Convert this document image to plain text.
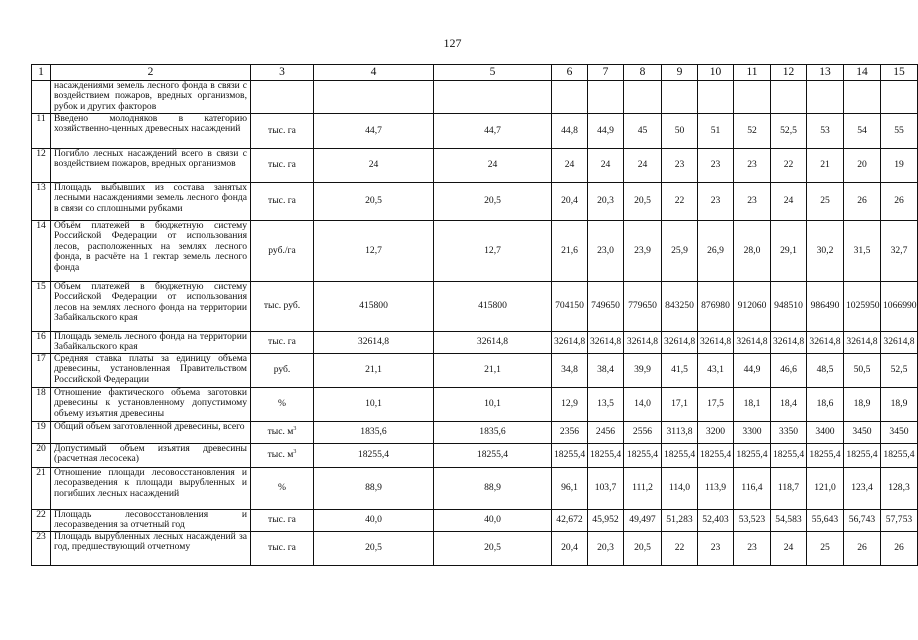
127
1	2	3	4	5	6	7	8	9	10	11	12	13	14	15
	насаждениями земель лесного фонда в связи с воздействием пожаров, вредных организмов, рубок и других факторов													
11	Введено молодняков в категорию хозяйственно-ценных древесных насаждений	тыс. га	44,7	44,7	44,8	44,9	45	50	51	52	52,5	53	54	55
12	Погибло лесных насаждений всего в связи с воздействием пожаров, вредных организмов	тыс. га	24	24	24	24	24	23	23	23	22	21	20	19
13	Площадь выбывших из состава занятых лесными насаждениями земель лесного фонда в связи со сплошными рубками	тыс. га	20,5	20,5	20,4	20,3	20,5	22	23	23	24	25	26	26
14	Объём платежей в бюджетную систему Российской Федерации от использования лесов, расположенных на землях лесного фонда, в расчёте на 1 гектар земель лесного фонда	руб./га	12,7	12,7	21,6	23,0	23,9	25,9	26,9	28,0	29,1	30,2	31,5	32,7
15	Объем платежей в бюджетную систему Российской Федерации от использования лесов на землях лесного фонда на территории Забайкальского края	тыс. руб.	415800	415800	704150	749650	779650	843250	876980	912060	948510	986490	1025950	1066990
16	Площадь земель лесного фонда на территории Забайкальского края	тыс. га	32614,8	32614,8	32614,8	32614,8	32614,8	32614,8	32614,8	32614,8	32614,8	32614,8	32614,8	32614,8
17	Средняя ставка платы за единицу объема древесины, установленная Правительством Российской Федерации	руб.	21,1	21,1	34,8	38,4	39,9	41,5	43,1	44,9	46,6	48,5	50,5	52,5
18	Отношение фактического объема заготовки древесины к установленному допустимому объему изъятия древесины	%	10,1	10,1	12,9	13,5	14,0	17,1	17,5	18,1	18,4	18,6	18,9	18,9
19	Общий объем заготовленной древесины, всего	тыс. $м^3$	1835,6	1835,6	2356	2456	2556	3113,8	3200	3300	3350	3400	3450	3450
20	Допустимый объем изъятия древесины (расчетная лесосека)	тыс. $м^3$	18255,4	18255,4	18255,4	18255,4	18255,4	18255,4	18255,4	18255,4	18255,4	18255,4	18255,4	18255,4
21	Отношение площади лесовосстановления и лесоразведения к площади вырубленных и погибших лесных насаждений	%	88,9	88,9	96,1	103,7	111,2	114,0	113,9	116,4	118,7	121,0	123,4	128,3
22	Площадь лесовосстановления и лесоразведения за отчетный год	тыс. га	40,0	40,0	42,672	45,952	49,497	51,283	52,403	53,523	54,583	55,643	56,743	57,753
23	Площадь вырубленных лесных насаждений за год, предшествующий отчетному	тыс. га	20,5	20,5	20,4	20,3	20,5	22	23	23	24	25	26	26
